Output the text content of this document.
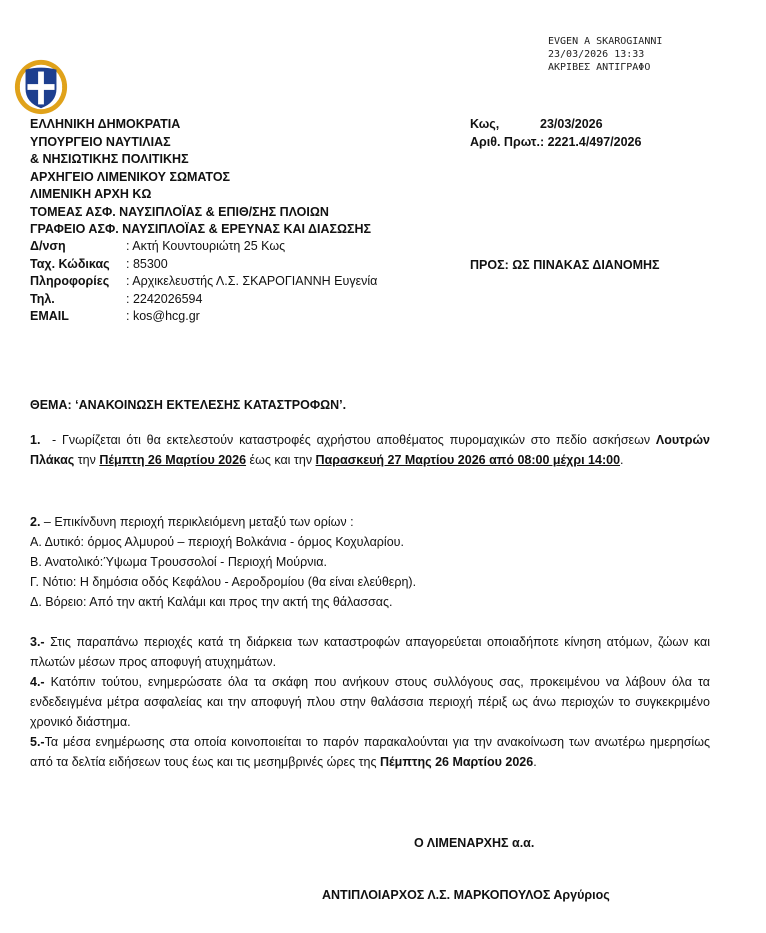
EVGEN A SKAROGIANNI
23/03/2026 13:33
ΑΚΡΙΒΕΣ ΑΝΤΙΓΡΑΦΟ
ΕΛΛΗΝΙΚΗ ΔΗΜΟΚΡΑΤΙΑ
ΥΠΟΥΡΓΕΙΟ ΝΑΥΤΙΛΙΑΣ
& ΝΗΣΙΩΤΙΚΗΣ ΠΟΛΙΤΙΚΗΣ
ΑΡΧΗΓΕΙΟ ΛΙΜΕΝΙΚΟΥ ΣΩΜΑΤΟΣ
ΛΙΜΕΝΙΚΗ ΑΡΧΗ ΚΩ
ΤΟΜΕΑΣ ΑΣΦ. ΝΑΥΣΙΠΛΟΪΑΣ & ΕΠΙΘ/ΣΗΣ ΠΛΟΙΩΝ
ΓΡΑΦΕΙΟ ΑΣΦ. ΝΑΥΣΙΠΛΟΪΑΣ & ΕΡΕΥΝΑΣ ΚΑΙ ΔΙΑΣΩΣΗΣ
Δ/νση	: Ακτή Κουντουριώτη 25 Κως
Ταχ. Κώδικας	: 85300
Πληροφορίες	: Αρχικελευστής Λ.Σ. ΣΚΑΡΟΓΙΑΝΝΗ Ευγενία
Τηλ.	: 2242026594
EMAIL	: kos@hcg.gr
Κως,	23/03/2026
Αριθ. Πρωτ.: 2221.4/497/2026
ΠΡΟΣ: ΩΣ ΠΙΝΑΚΑΣ ΔΙΑΝΟΜΗΣ
ΘΕΜΑ: ‘ΑΝΑΚΟΙΝΩΣΗ ΕΚΤΕΛΕΣΗΣ ΚΑΤΑΣΤΡΟΦΩΝ’.
1. - Γνωρίζεται ότι θα εκτελεστούν καταστροφές αχρήστου αποθέματος πυρομαχικών στο πεδίο ασκήσεων Λουτρών Πλάκας την Πέμπτη 26 Μαρτίου 2026 έως και την Παρασκευή 27 Μαρτίου 2026 από 08:00 μέχρι 14:00.
2. – Επικίνδυνη περιοχή περικλειόμενη μεταξύ των ορίων :
Α. Δυτικό: όρμος Αλμυρού – περιοχή Βολκάνια - όρμος Κοχυλαρίου.
Β. Ανατολικό:Ύψωμα Τρουσσολοί - Περιοχή Μούρνια.
Γ. Νότιο: Η δημόσια οδός Κεφάλου - Αεροδρομίου (θα είναι ελεύθερη).
Δ. Βόρειο: Από την ακτή Καλάμι και προς την ακτή της θάλασσας.
3.- Στις παραπάνω περιοχές κατά τη διάρκεια των καταστροφών απαγορεύεται οποιαδήποτε κίνηση ατόμων, ζώων και πλωτών μέσων προς αποφυγή ατυχημάτων.
4.- Κατόπιν τούτου, ενημερώσατε όλα τα σκάφη που ανήκουν στους συλλόγους σας, προκειμένου να λάβουν όλα τα ενδεδειγμένα μέτρα ασφαλείας και την αποφυγή πλου στην θαλάσσια περιοχή πέριξ ως άνω περιοχών το συγκεκριμένο χρονικό διάστημα.
5.-Τα μέσα ενημέρωσης στα οποία κοινοποιείται το παρόν παρακαλούνται για την ανακοίνωση των ανωτέρω ημερησίως από τα δελτία ειδήσεων τους έως και τις μεσημβρινές ώρες της Πέμπτης 26 Μαρτίου 2026.
Ο ΛΙΜΕΝΑΡΧΗΣ α.α.
ΑΝΤΙΠΛΟΙΑΡΧΟΣ Λ.Σ. ΜΑΡΚΟΠΟΥΛΟΣ Αργύριος
